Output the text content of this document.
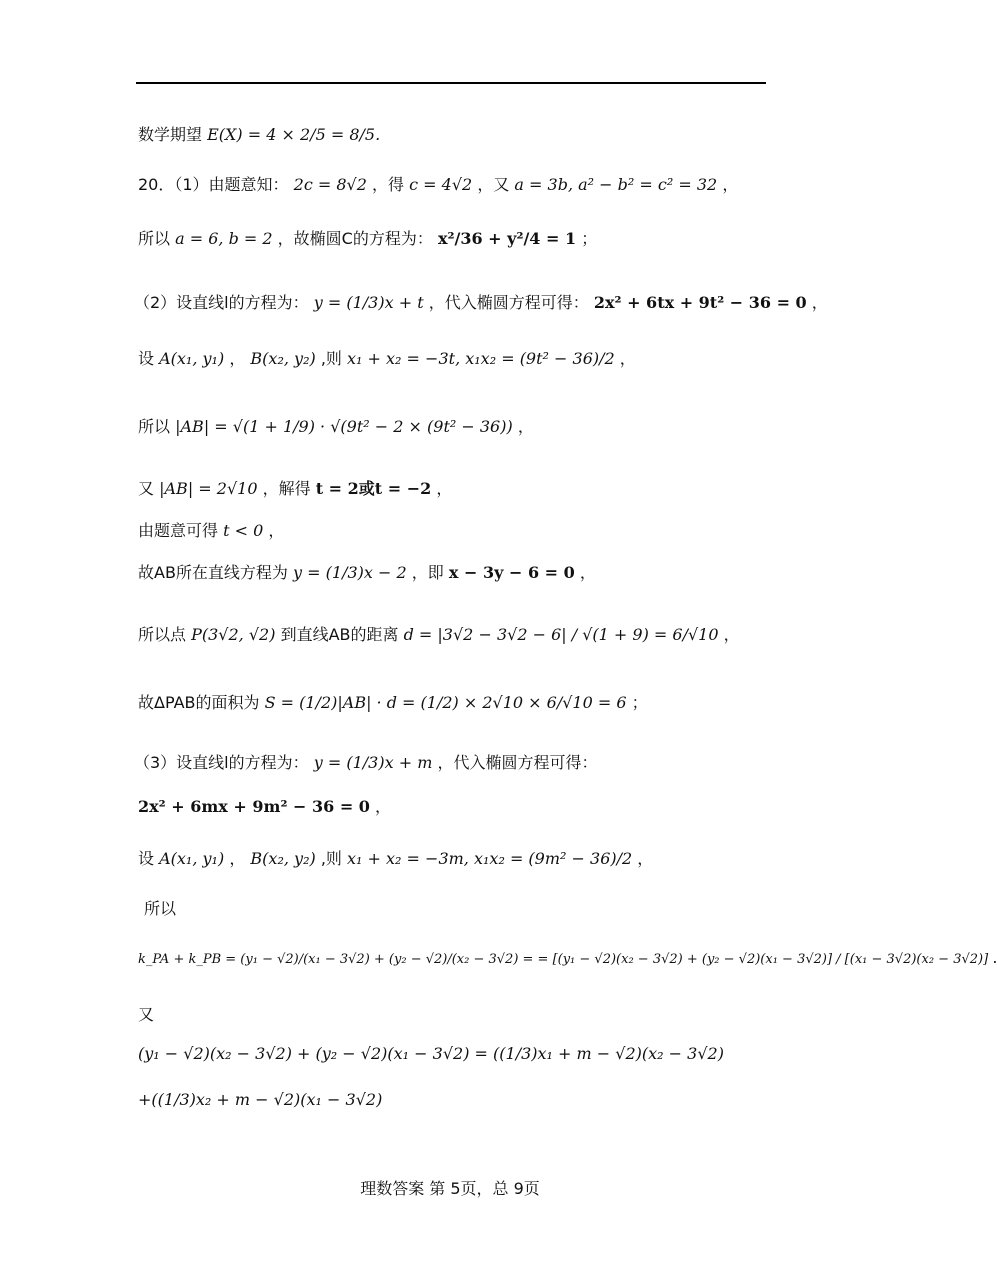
数学期望 E(X) = 4 × 2/5 = 8/5.
20．（1）由题意知： 2c = 8√2 ，得 c = 4√2 ，又 a = 3b, a² − b² = c² = 32 ，
所以 a = 6, b = 2 ，故椭圆C的方程为： x²/36 + y²/4 = 1 ；
（2）设直线l的方程为： y = (1/3)x + t ，代入椭圆方程可得： 2x² + 6tx + 9t² − 36 = 0 ，
设 A(x₁, y₁) ， B(x₂, y₂) ,则 x₁ + x₂ = −3t, x₁x₂ = (9t² − 36)/2 ，
所以 |AB| = √(1 + 1/9) · √(9t² − 2 × (9t² − 36)) ，
又 |AB| = 2√10 ，解得 t = 2或t = −2 ，
由题意可得 t < 0 ，
故AB所在直线方程为 y = (1/3)x − 2 ，即 x − 3y − 6 = 0 ，
所以点 P(3√2, √2) 到直线AB的距离 d = |3√2 − 3√2 − 6| / √(1 + 9) = 6/√10 ，
故ΔPAB的面积为 S = (1/2)|AB| · d = (1/2) × 2√10 × 6/√10 = 6 ；
（3）设直线l的方程为： y = (1/3)x + m ，代入椭圆方程可得：
2x² + 6mx + 9m² − 36 = 0 ，
设 A(x₁, y₁) ， B(x₂, y₂) ,则 x₁ + x₂ = −3m, x₁x₂ = (9m² − 36)/2 ，
所以
k_PA + k_PB = (y₁ − √2)/(x₁ − 3√2) + (y₂ − √2)/(x₂ − 3√2) = = [(y₁ − √2)(x₂ − 3√2) + (y₂ − √2)(x₁ − 3√2)] / [(x₁ − 3√2)(x₂ − 3√2)] .
又
(y₁ − √2)(x₂ − 3√2) + (y₂ − √2)(x₁ − 3√2) = ((1/3)x₁ + m − √2)(x₂ − 3√2)
+((1/3)x₂ + m − √2)(x₁ − 3√2)
理数答案 第 5页，总 9页
